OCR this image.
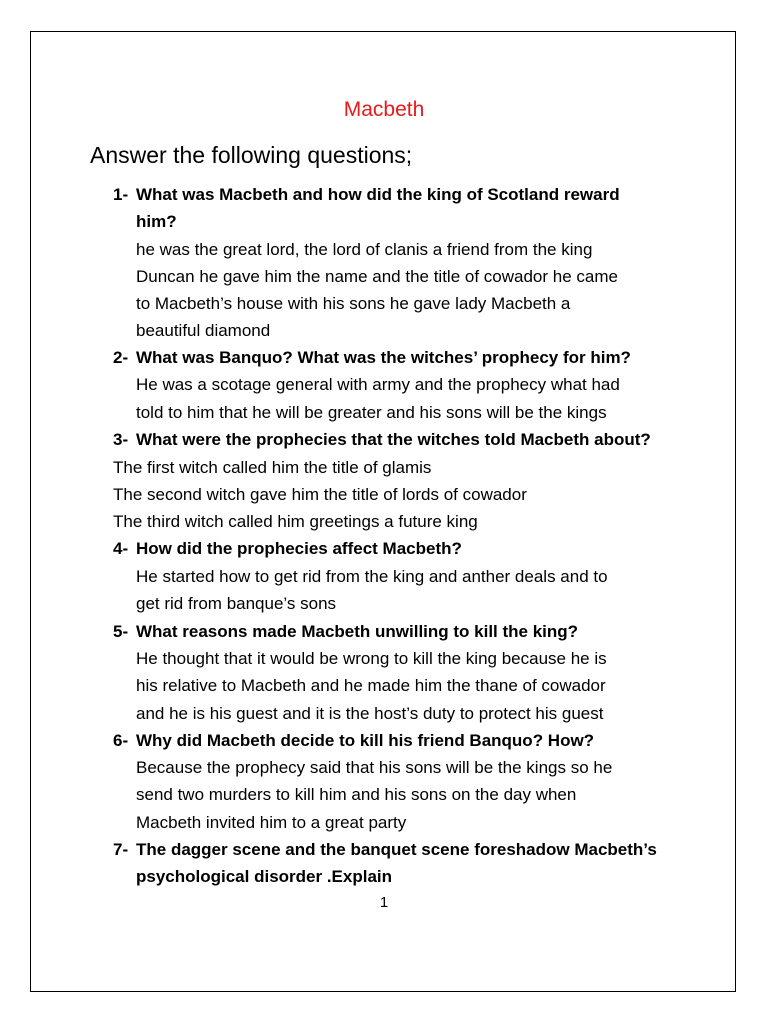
Macbeth
Answer the following questions;
1- What was Macbeth and how did the king of Scotland reward
him?
he was the great lord, the lord of clanis a friend from the king
Duncan he gave him the name and the title of cowador he came
to Macbeth’s house with his sons he gave lady Macbeth a
beautiful diamond
2- What was Banquo? What was the witches’ prophecy for him?
He was a scotage general with army and the prophecy what had
told to him that he will be greater and his sons will be the kings
3- What were the prophecies that the witches told Macbeth about?
The first witch called him the title of glamis
The second witch gave him the title of lords of cowador
The third witch called him greetings a future king
4- How did the prophecies affect Macbeth?
He started how to get rid from the king and anther deals and to
get rid from banque’s sons
5- What reasons made Macbeth unwilling to kill the king?
He thought that it would be wrong to kill the king because he is
his relative to Macbeth and he made him the thane of cowador
and he is his guest and it is the host’s duty to protect his guest
6- Why did Macbeth decide to kill his friend Banquo? How?
Because the prophecy said that his sons will be the kings so he
send two murders to kill him and his sons on the day when
Macbeth invited him to a great party
7- The dagger scene and the banquet scene foreshadow Macbeth’s
psychological disorder .Explain
1
